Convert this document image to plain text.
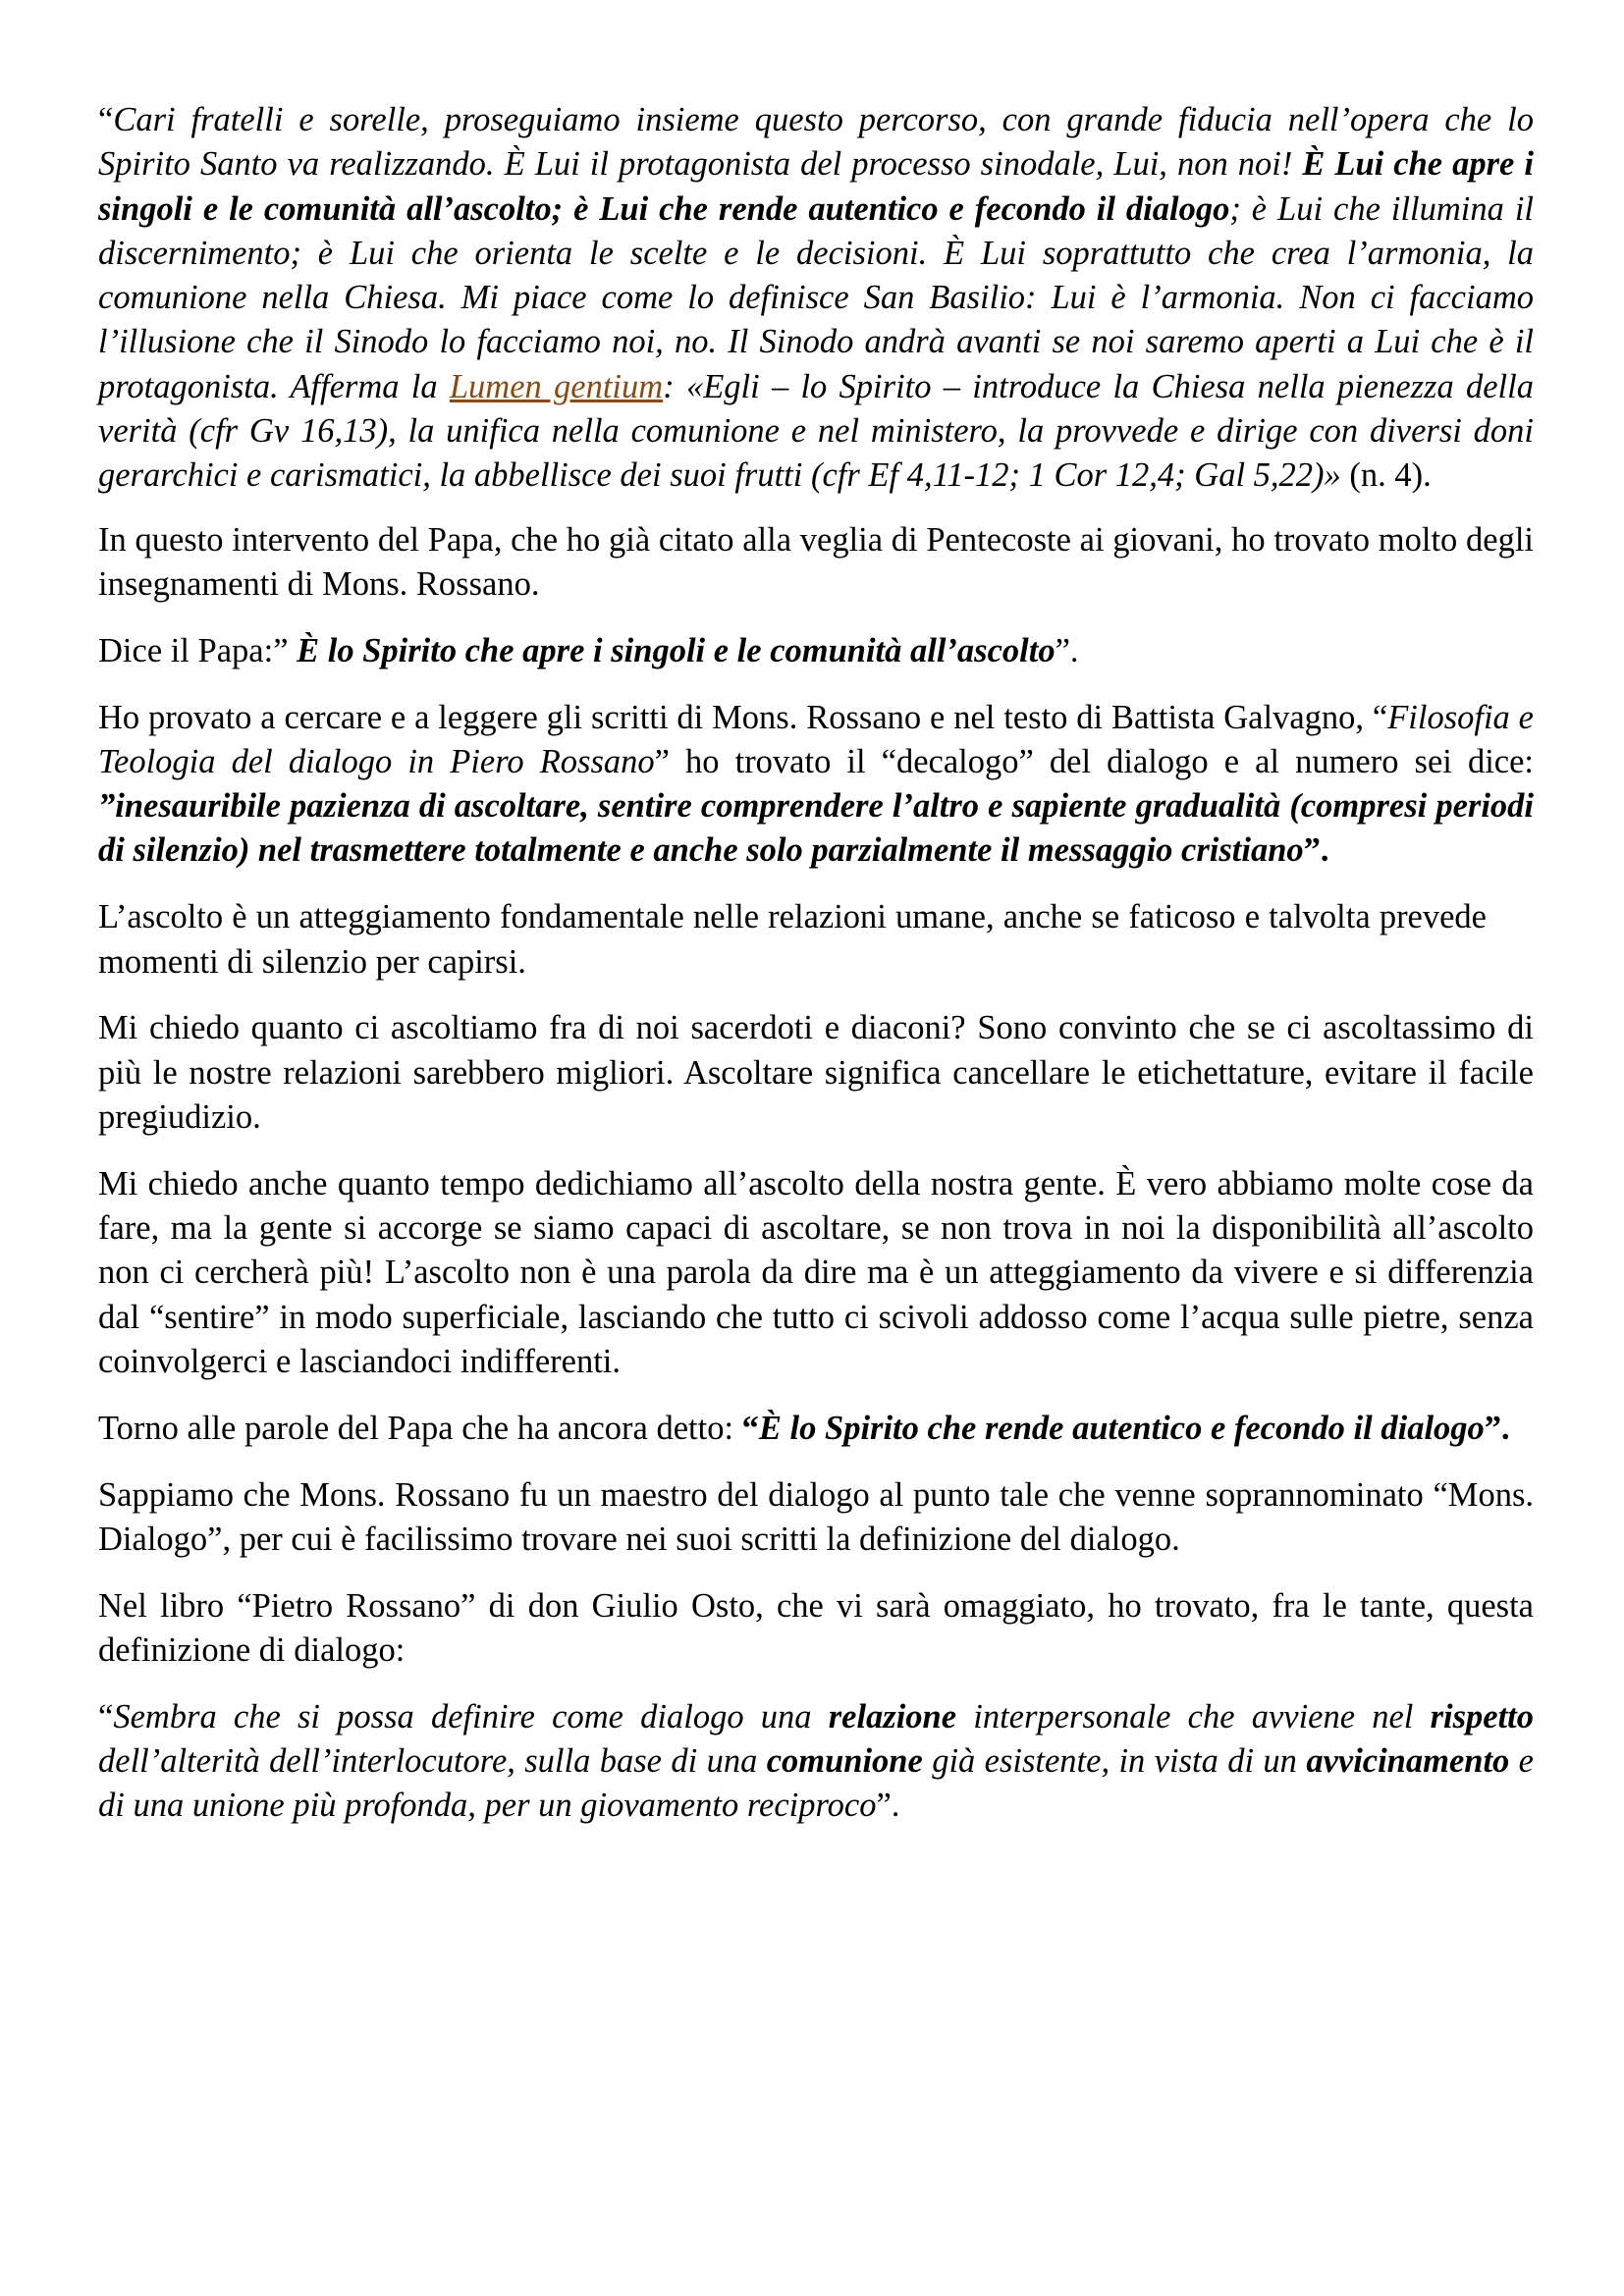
“Cari fratelli e sorelle, proseguiamo insieme questo percorso, con grande fiducia nell’opera che lo Spirito Santo va realizzando. È Lui il protagonista del processo sinodale, Lui, non noi! È Lui che apre i singoli e le comunità all’ascolto; è Lui che rende autentico e fecondo il dialogo; è Lui che illumina il discernimento; è Lui che orienta le scelte e le decisioni. È Lui soprattutto che crea l’armonia, la comunione nella Chiesa. Mi piace come lo definisce San Basilio: Lui è l’armonia. Non ci facciamo l’illusione che il Sinodo lo facciamo noi, no. Il Sinodo andrà avanti se noi saremo aperti a Lui che è il protagonista. Afferma la Lumen gentium: «Egli – lo Spirito – introduce la Chiesa nella pienezza della verità (cfr Gv 16,13), la unifica nella comunione e nel ministero, la provvede e dirige con diversi doni gerarchici e carismatici, la abbellisce dei suoi frutti (cfr Ef 4,11-12; 1 Cor 12,4; Gal 5,22)» (n. 4).

In questo intervento del Papa, che ho già citato alla veglia di Pentecoste ai giovani, ho trovato molto degli insegnamenti di Mons. Rossano.

Dice il Papa:” È lo Spirito che apre i singoli e le comunità all’ascolto”.

Ho provato a cercare e a leggere gli scritti di Mons. Rossano e nel testo di Battista Galvagno, “Filosofia e Teologia del dialogo in Piero Rossano” ho trovato il “decalogo” del dialogo e al numero sei dice: ”inesauribile pazienza di ascoltare, sentire comprendere l’altro e sapiente gradualità (compresi periodi di silenzio) nel trasmettere totalmente e anche solo parzialmente il messaggio cristiano”.

L’ascolto è un atteggiamento fondamentale nelle relazioni umane, anche se faticoso e talvolta prevede momenti di silenzio per capirsi.

Mi chiedo quanto ci ascoltiamo fra di noi sacerdoti e diaconi? Sono convinto che se ci ascoltassimo di più le nostre relazioni sarebbero migliori. Ascoltare significa cancellare le etichettature, evitare il facile pregiudizio.

Mi chiedo anche quanto tempo dedichiamo all’ascolto della nostra gente. È vero abbiamo molte cose da fare, ma la gente si accorge se siamo capaci di ascoltare, se non trova in noi la disponibilità all’ascolto non ci cercherà più! L’ascolto non è una parola da dire ma è un atteggiamento da vivere e si differenzia dal “sentire” in modo superficiale, lasciando che tutto ci scivoli addosso come l’acqua sulle pietre, senza coinvolgerci e lasciandoci indifferenti.

Torno alle parole del Papa che ha ancora detto: “È lo Spirito che rende autentico e fecondo il dialogo”.

Sappiamo che Mons. Rossano fu un maestro del dialogo al punto tale che venne soprannominato “Mons. Dialogo”, per cui è facilissimo trovare nei suoi scritti la definizione del dialogo.

Nel libro “Pietro Rossano” di don Giulio Osto, che vi sarà omaggiato, ho trovato, fra le tante, questa definizione di dialogo:

“Sembra che si possa definire come dialogo una relazione interpersonale che avviene nel rispetto dell’alterità dell’interlocutore, sulla base di una comunione già esistente, in vista di un avvicinamento e di una unione più profonda, per un giovamento reciproco”.
